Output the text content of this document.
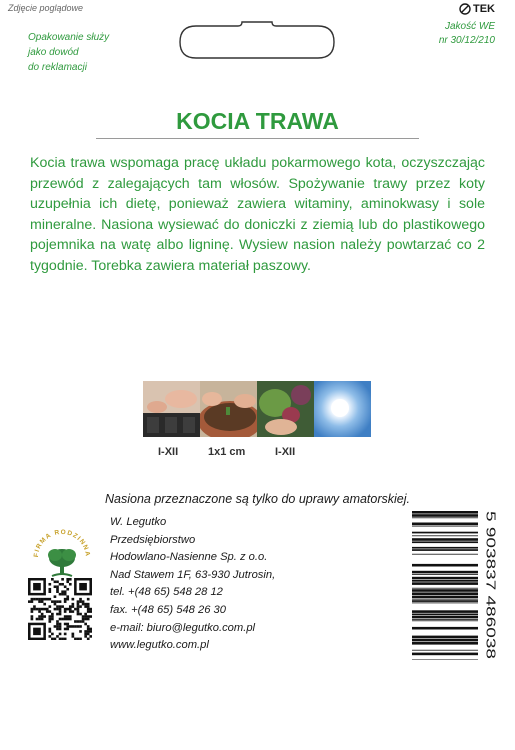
Zdjęcie poglądowe
Opakowanie służy
jako dowód
do reklamacji
TEK
Jakość WE
nr 30/12/210
KOCIA TRAWA
Kocia trawa wspomaga pracę układu pokarmowego kota, oczyszczając przewód z zalegających tam włosów. Spożywanie trawy przez koty uzupełnia ich dietę, ponieważ zawiera witaminy, aminokwasy i sole mineralne. Nasiona wysiewać do doniczki z ziemią lub do plastikowego pojemnika na watę albo ligninę. Wysiew nasion należy powtarzać co 2 tygodnie. Torebka zawiera materiał paszowy.
I-XII	1x1 cm	I-XII
Nasiona przeznaczone są tylko do uprawy amatorskiej.
FIRMA RODZINNA
W. Legutko
Przedsiębiorstwo
Hodowlano-Nasienne Sp. z o.o.
Nad Stawem 1F, 63-930 Jutrosin,
tel. +(48 65) 548 28 12
fax. +(48 65) 548 26 30
e-mail: biuro@legutko.com.pl
www.legutko.com.pl
5 903837 486038
